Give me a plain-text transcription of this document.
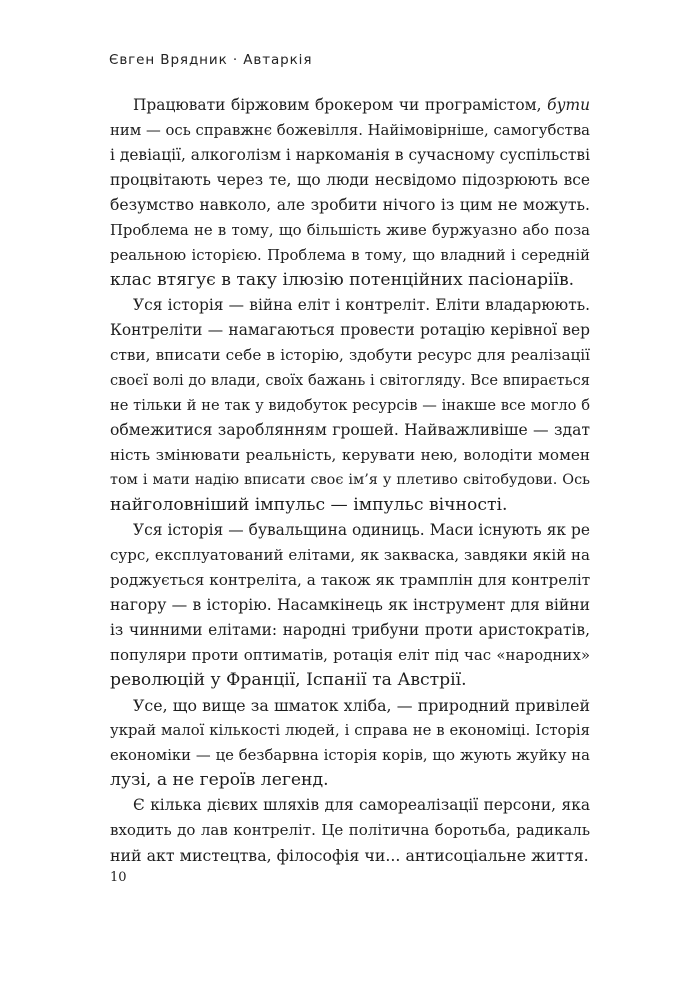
Євген Врядник · Автаркія
Працювати біржовим брокером чи програмістом, бути
ним — ось справжнє божевілля. Найімовірніше, самогубства
і девіації, алкоголізм і наркоманія в сучасному суспільстві
процвітають через те, що люди несвідомо підозрюють все
безумство навколо, але зробити нічого із цим не можуть.
Проблема не в тому, що більшість живе буржуазно або поза
реальною історією. Проблема в тому, що владний і середній
клас втягує в таку ілюзію потенційних пасіонаріїв.
Уся історія — війна еліт і контреліт. Еліти владарюють.
Контреліти — намагаються провести ротацію керівної вер
стви, вписати себе в історію, здобути ресурс для реалізації
своєї волі до влади, своїх бажань і світогляду. Все впирається
не тільки й не так у видобуток ресурсів — інакше все могло б
обмежитися зароблянням грошей. Найважливіше — здат
ність змінювати реальність, керувати нею, володіти момен
том і мати надію вписати своє ім’я у плетиво світобудови. Ось
найголовніший імпульс — імпульс вічності.
Уся історія — бувальщина одиниць. Маси існують як ре
сурс, експлуатований елітами, як закваска, завдяки якій на
роджується контреліта, а також як трамплін для контреліт
нагору — в історію. Насамкінець як інструмент для війни
із чинними елітами: народні трибуни проти аристократів,
популяри проти оптиматів, ротація еліт під час «народних»
революцій у Франції, Іспанії та Австрії.
Усе, що вище за шматок хліба, — природний привілей
украй малої кількості людей, і справа не в економіці. Історія
економіки — це безбарвна історія корів, що жують жуйку на
лузі, а не героїв легенд.
Є кілька дієвих шляхів для самореалізації персони, яка
входить до лав контреліт. Це політична боротьба, радикаль
ний акт мистецтва, філософія чи... антисоціальне життя.
10
